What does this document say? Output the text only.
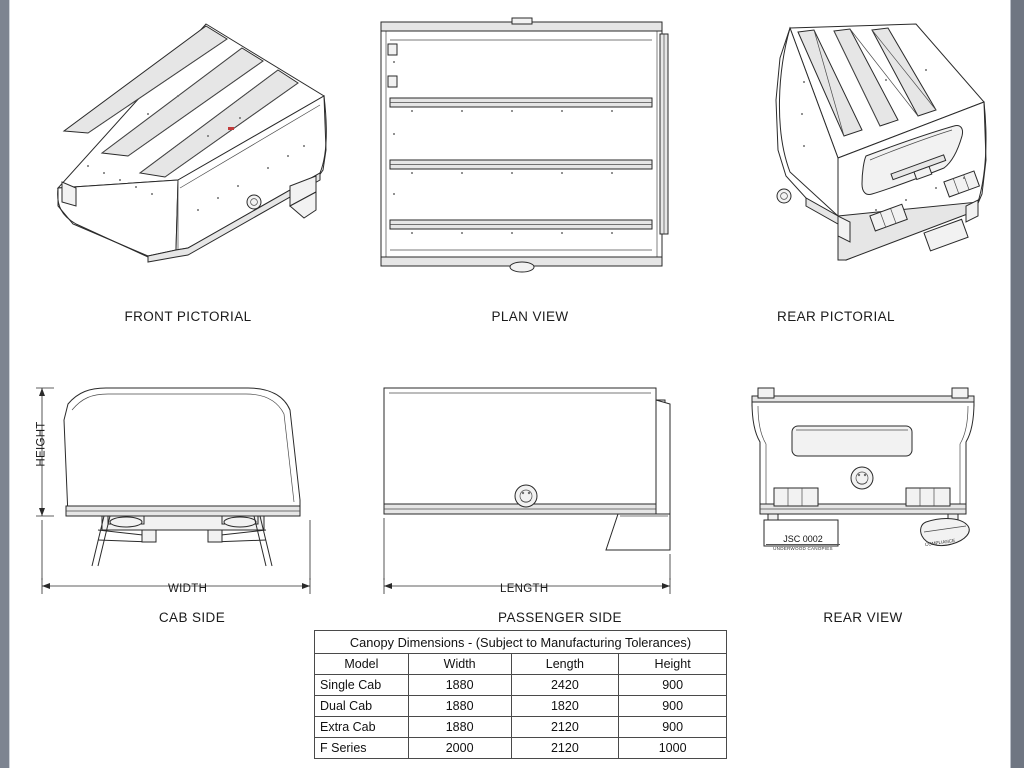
FRONT PICTORIAL	PLAN VIEW	REAR PICTORIAL
HEIGHT
WIDTH
CAB SIDE
LENGTH
PASSENGER SIDE
JSC 0002
UNDERWOOD CANOPIES
COMPLIANCE
REAR VIEW
Canopy Dimensions - (Subject to Manufacturing Tolerances)			
Model	Width	Length	Height
Single Cab	1880	2420	900
Dual Cab	1880	1820	900
Extra Cab	1880	2120	900
F Series	2000	2120	1000
